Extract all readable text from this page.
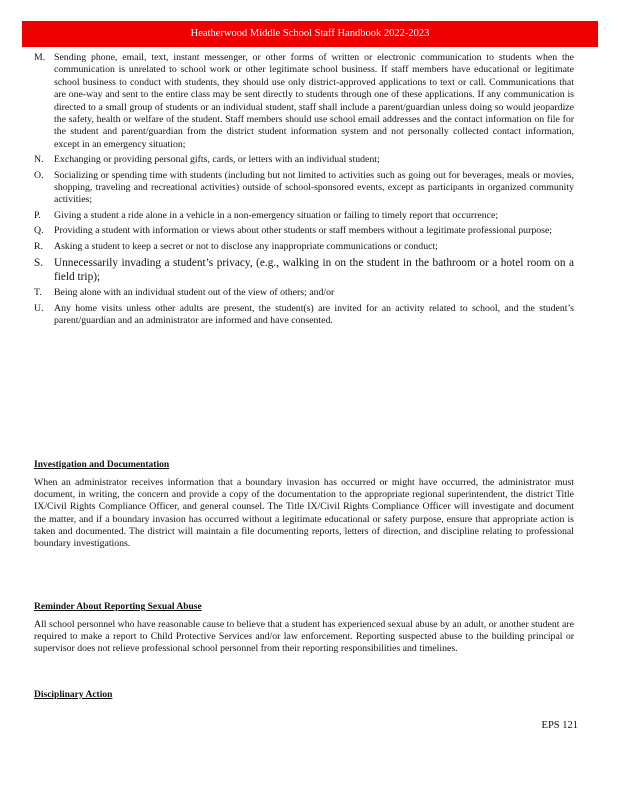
Heatherwood Middle School Staff Handbook 2022-2023
M. Sending phone, email, text, instant messenger, or other forms of written or electronic communication to students when the communication is unrelated to school work or other legitimate school business. If staff members have educational or legitimate school business to conduct with students, they should use only district-approved applications to text or call. Communications that are one-way and sent to the entire class may be sent directly to students through one of these applications. If any communication is directed to a small group of students or an individual student, staff shall include a parent/guardian unless doing so would jeopardize the safety, health or welfare of the student. Staff members should use school email addresses and the contact information on file for the student and parent/guardian from the district student information system and not personally collected contact information, except in an emergency situation;
N. Exchanging or providing personal gifts, cards, or letters with an individual student;
O. Socializing or spending time with students (including but not limited to activities such as going out for beverages, meals or movies, shopping, traveling and recreational activities) outside of school-sponsored events, except as participants in organized community activities;
P. Giving a student a ride alone in a vehicle in a non-emergency situation or failing to timely report that occurrence;
Q. Providing a student with information or views about other students or staff members without a legitimate professional purpose;
R. Asking a student to keep a secret or not to disclose any inappropriate communications or conduct;
S. Unnecessarily invading a student’s privacy, (e.g., walking in on the student in the bathroom or a hotel room on a field trip);
T. Being alone with an individual student out of the view of others; and/or
U. Any home visits unless other adults are present, the student(s) are invited for an activity related to school, and the student’s parent/guardian and an administrator are informed and have consented.
Investigation and Documentation
When an administrator receives information that a boundary invasion has occurred or might have occurred, the administrator must document, in writing, the concern and provide a copy of the documentation to the appropriate regional superintendent, the district Title IX/Civil Rights Compliance Officer, and general counsel. The Title IX/Civil Rights Compliance Officer will investigate and document the matter, and if a boundary invasion has occurred without a legitimate educational or safety purpose, ensure that appropriate action is taken and documented. The district will maintain a file documenting reports, letters of direction, and discipline relating to professional boundary investigations.
Reminder About Reporting Sexual Abuse
All school personnel who have reasonable cause to believe that a student has experienced sexual abuse by an adult, or another student are required to make a report to Child Protective Services and/or law enforcement. Reporting suspected abuse to the building principal or supervisor does not relieve professional school personnel from their reporting responsibilities and timelines.
Disciplinary Action
EPS 121
